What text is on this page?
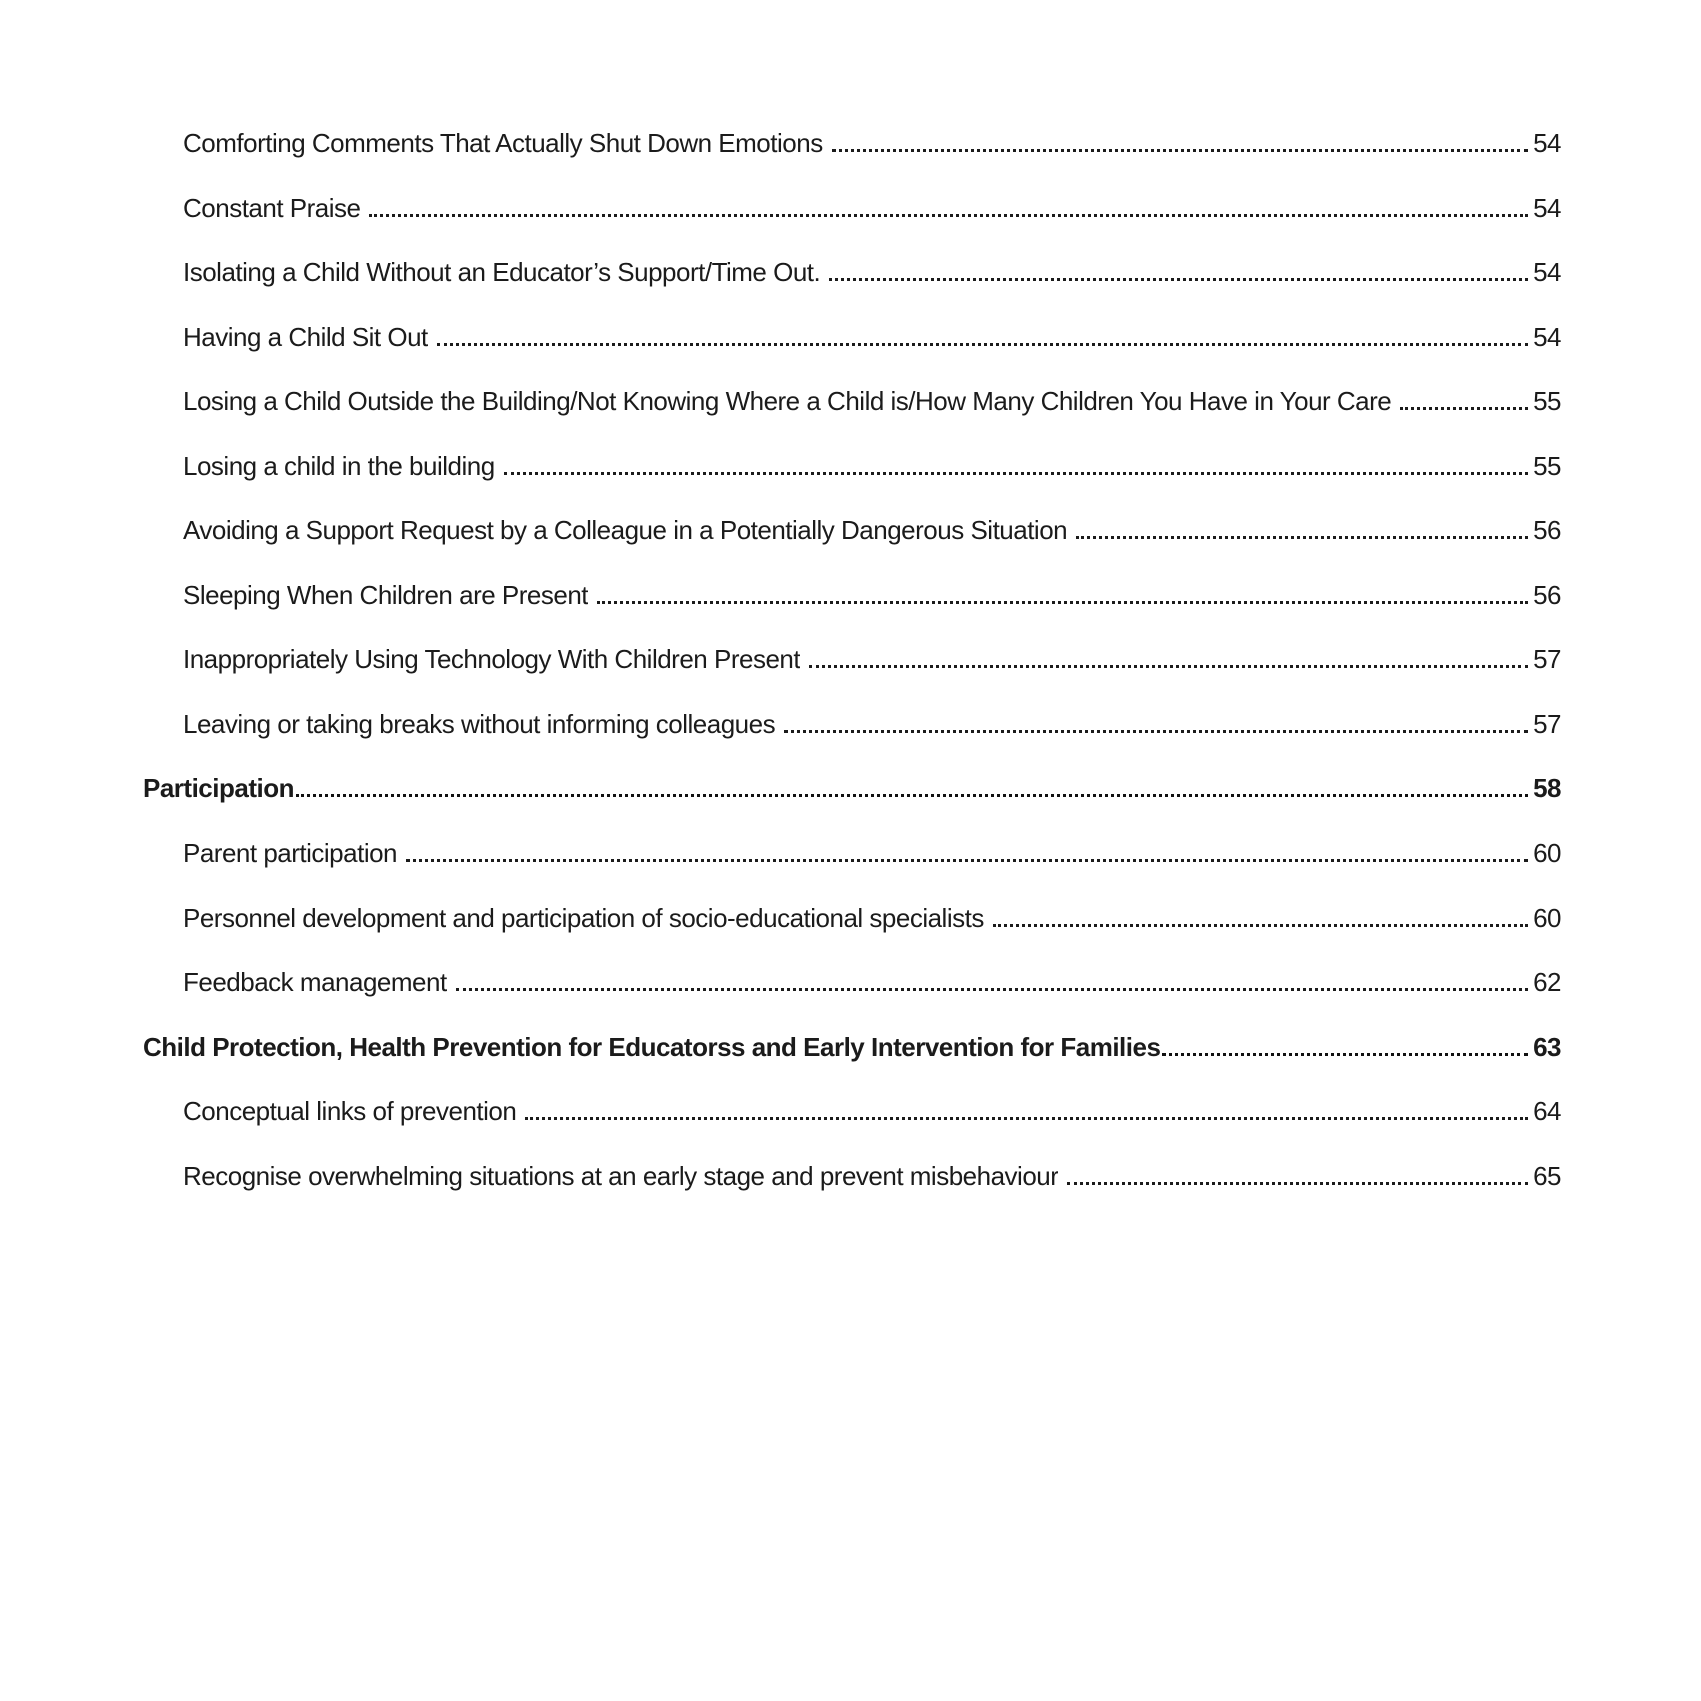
Comforting Comments That Actually Shut Down Emotions	54
Constant Praise	54
Isolating a Child Without an Educator’s Support/Time Out.	54
Having a Child Sit Out	54
Losing a Child Outside the Building/Not Knowing Where a Child is/How Many Children You Have in Your Care	55
Losing a child in the building	55
Avoiding a Support Request by a Colleague in a Potentially Dangerous Situation	56
Sleeping When Children are Present	56
Inappropriately Using Technology With Children Present	57
Leaving or taking breaks without informing colleagues	57
Participation	58
Parent participation	60
Personnel development and participation of socio-educational specialists	60
Feedback management	62
Child Protection, Health Prevention for Educatorss and Early Intervention for Families	63
Conceptual links of prevention	64
Recognise overwhelming situations at an early stage and prevent misbehaviour	65
